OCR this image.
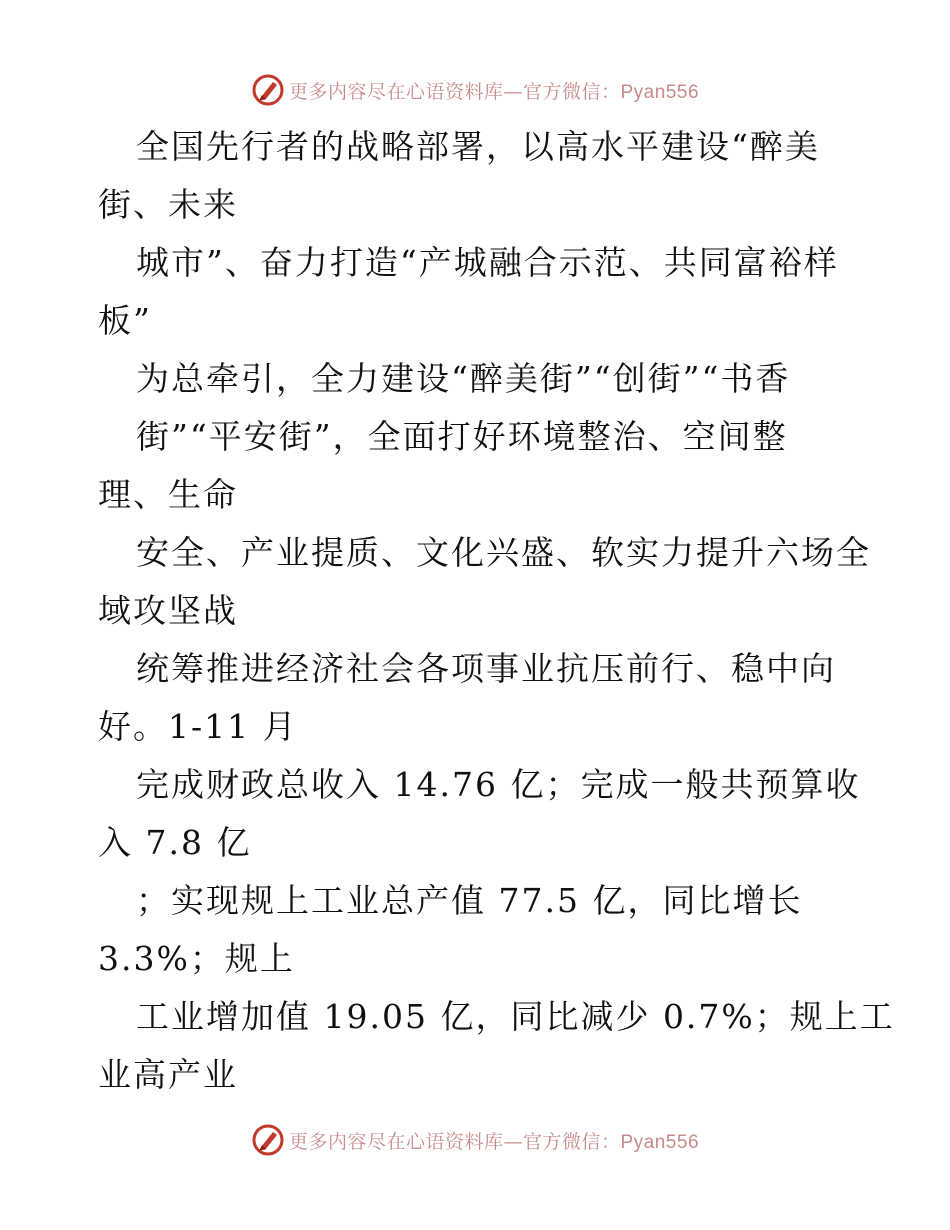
更多内容尽在心语资料库—官方微信：Pyan556
全国先行者的战略部署，以高水平建设“醉美
街、未来
城市”、奋力打造“产城融合示范、共同富裕样
板”
为总牵引，全力建设“醉美街”“创街”“书香
街”“平安街”，全面打好环境整治、空间整
理、生命
安全、产业提质、文化兴盛、软实力提升六场全
域攻坚战
统筹推进经济社会各项事业抗压前行、稳中向
好。1-11 月
完成财政总收入 14.76 亿；完成一般共预算收
入 7.8 亿
；实现规上工业总产值 77.5 亿，同比增长
3.3%；规上
工业增加值 19.05 亿，同比减少 0.7%；规上工
业高产业
更多内容尽在心语资料库—官方微信：Pyan556
